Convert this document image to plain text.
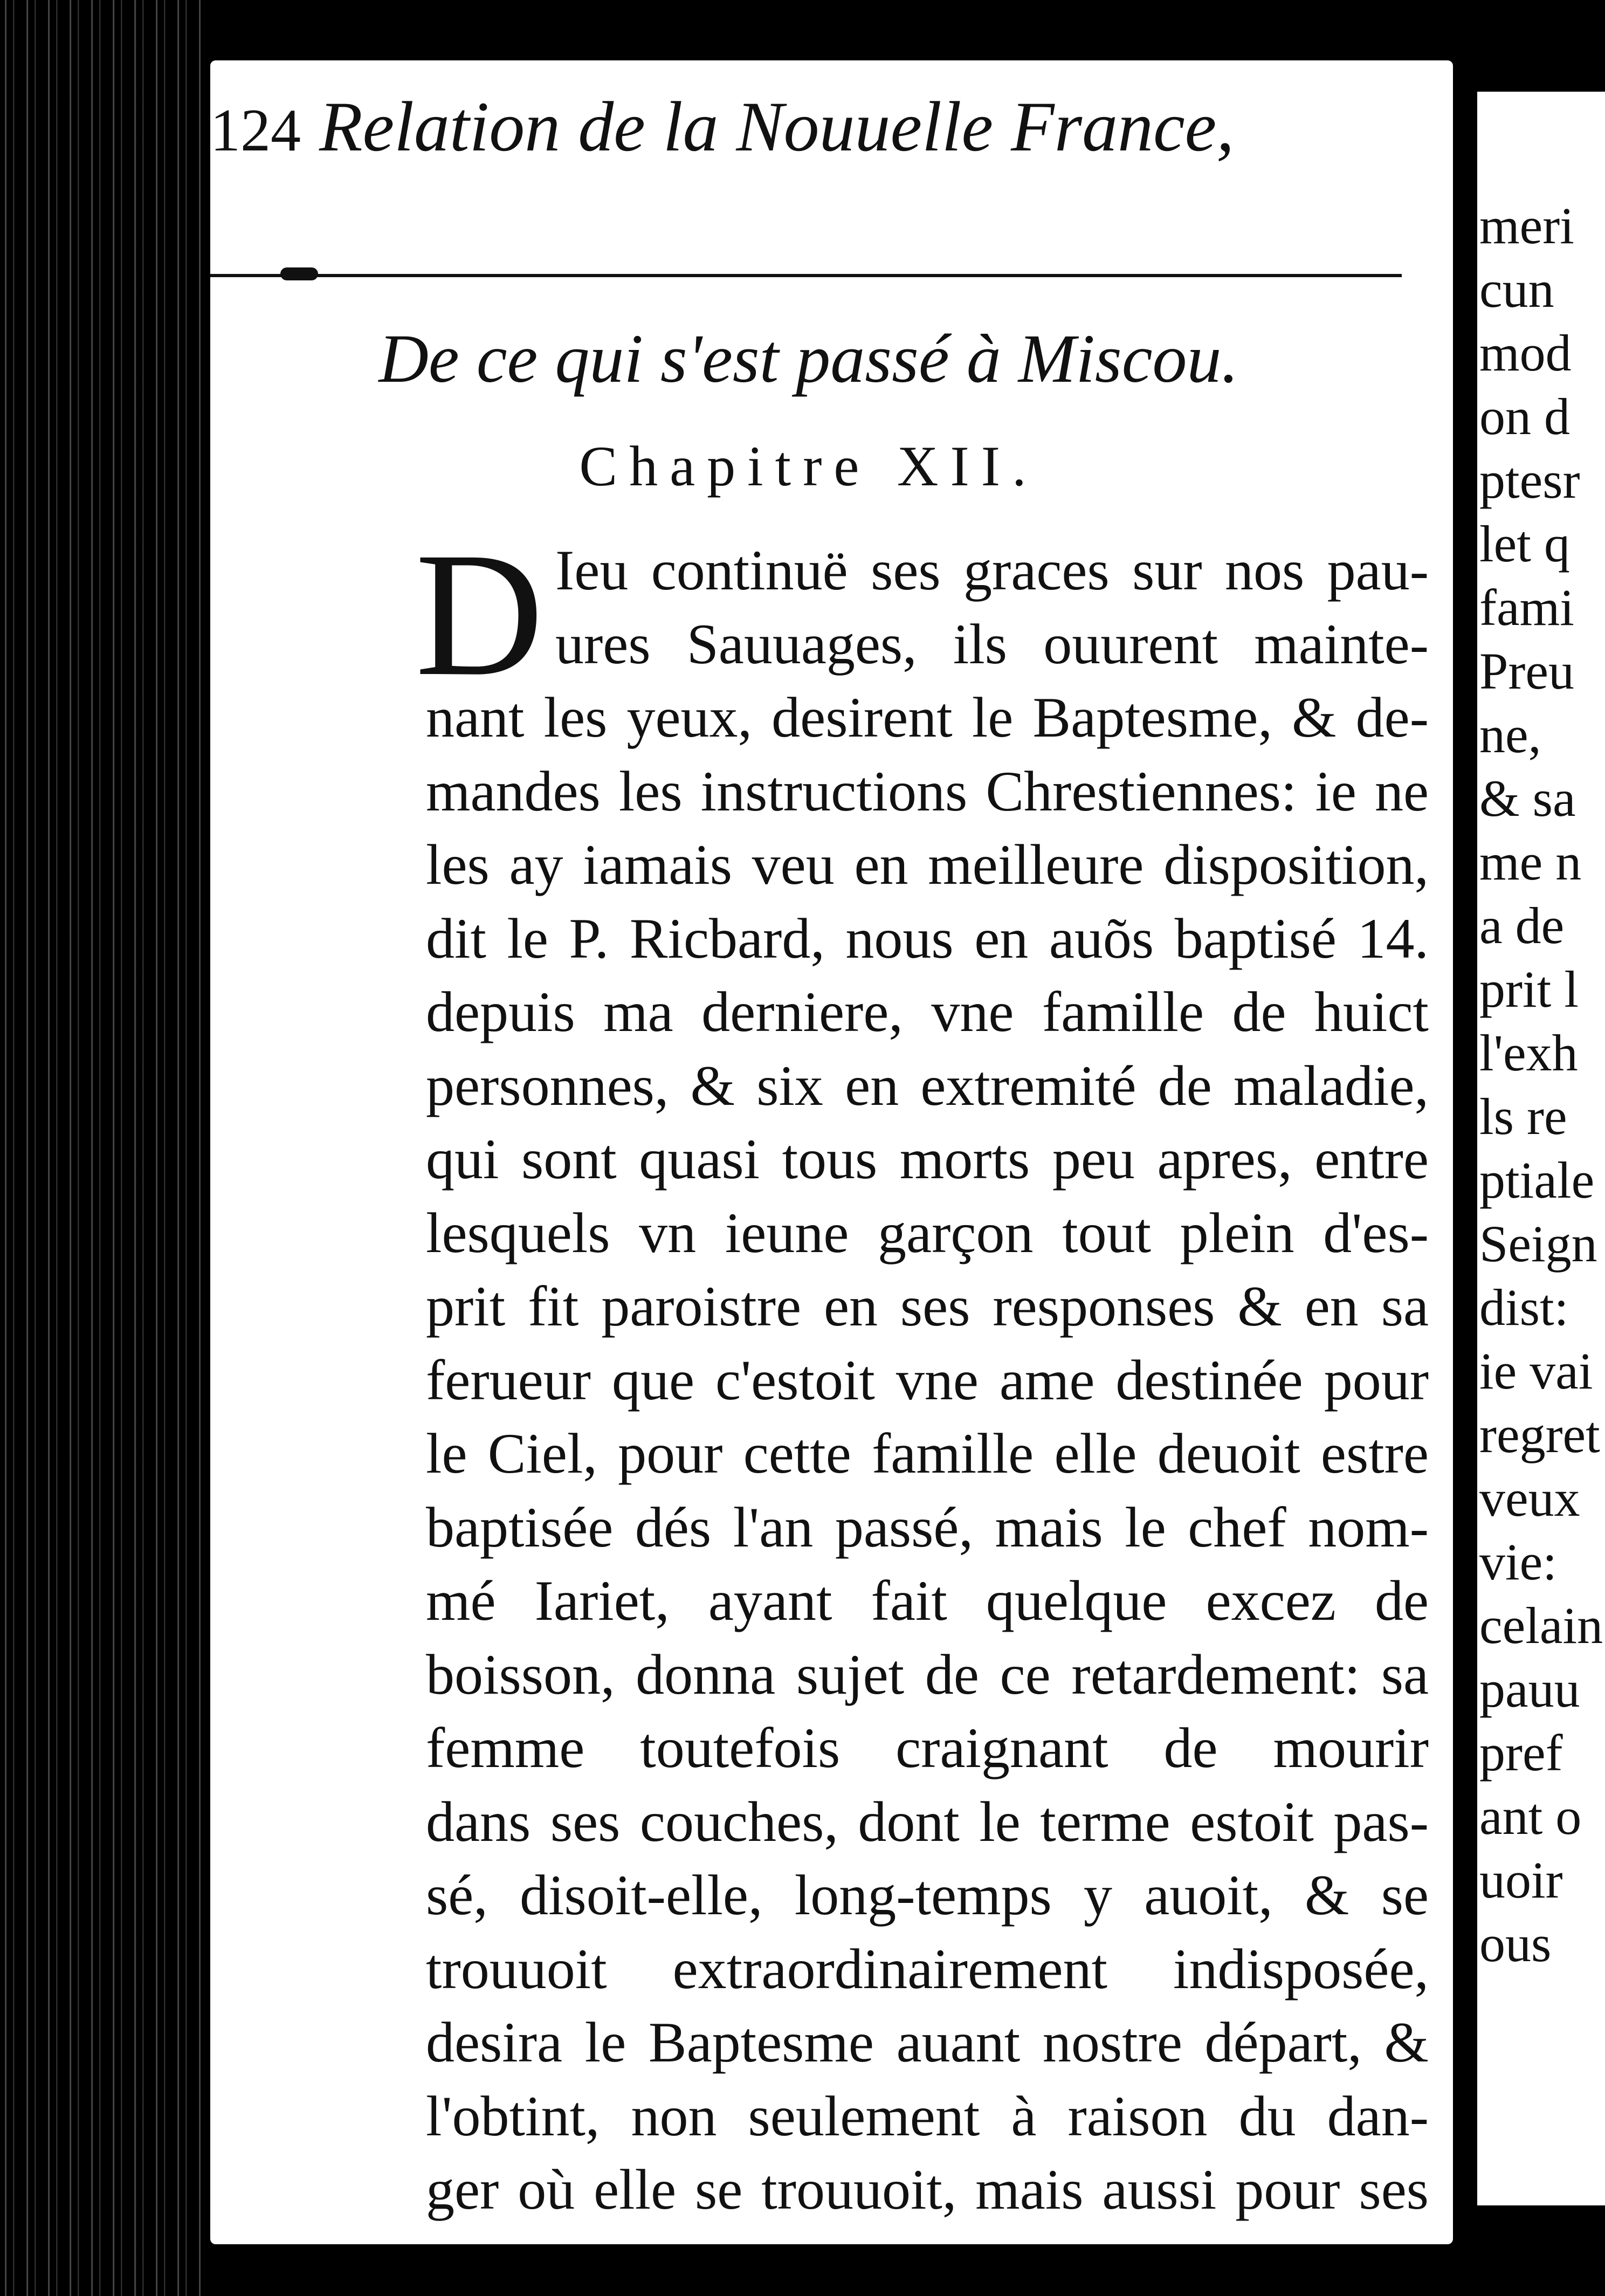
meri
cun
mod
on d
ptesr
let q
fami
Preu
ne,
& sa
me n
a de
prit l
l'exh
ls re
ptiale
Seign
dist:
ie vai
regret
veux
vie:
celain
pauu
pref
ant o
uoir
ous
124 Relation de la Nouuelle France,
De ce qui s'est passé à Miscou.
Chapitre XII.
D Ieu continuë ses graces sur nos pau-
ures Sauuages, ils ouurent mainte-
nant les yeux, desirent le Baptesme, & de-
mandes les instructions Chrestiennes: ie ne
les ay iamais veu en meilleure disposition,
dit le P. Ricbard, nous en auõs baptisé 14.
depuis ma derniere, vne famille de huict
personnes, & six en extremité de maladie,
qui sont quasi tous morts peu apres, entre
lesquels vn ieune garçon tout plein d'es-
prit fit paroistre en ses responses & en sa
ferueur que c'estoit vne ame destinée pour
le Ciel, pour cette famille elle deuoit estre
baptisée dés l'an passé, mais le chef nom-
mé Iariet, ayant fait quelque excez de
boisson, donna sujet de ce retardement: sa
femme toutefois craignant de mourir
dans ses couches, dont le terme estoit pas-
sé, disoit-elle, long-temps y auoit, & se
trouuoit extraordinairement indisposée,
desira le Baptesme auant nostre départ, &
l'obtint, non seulement à raison du dan-
ger où elle se trouuoit, mais aussi pour ses
